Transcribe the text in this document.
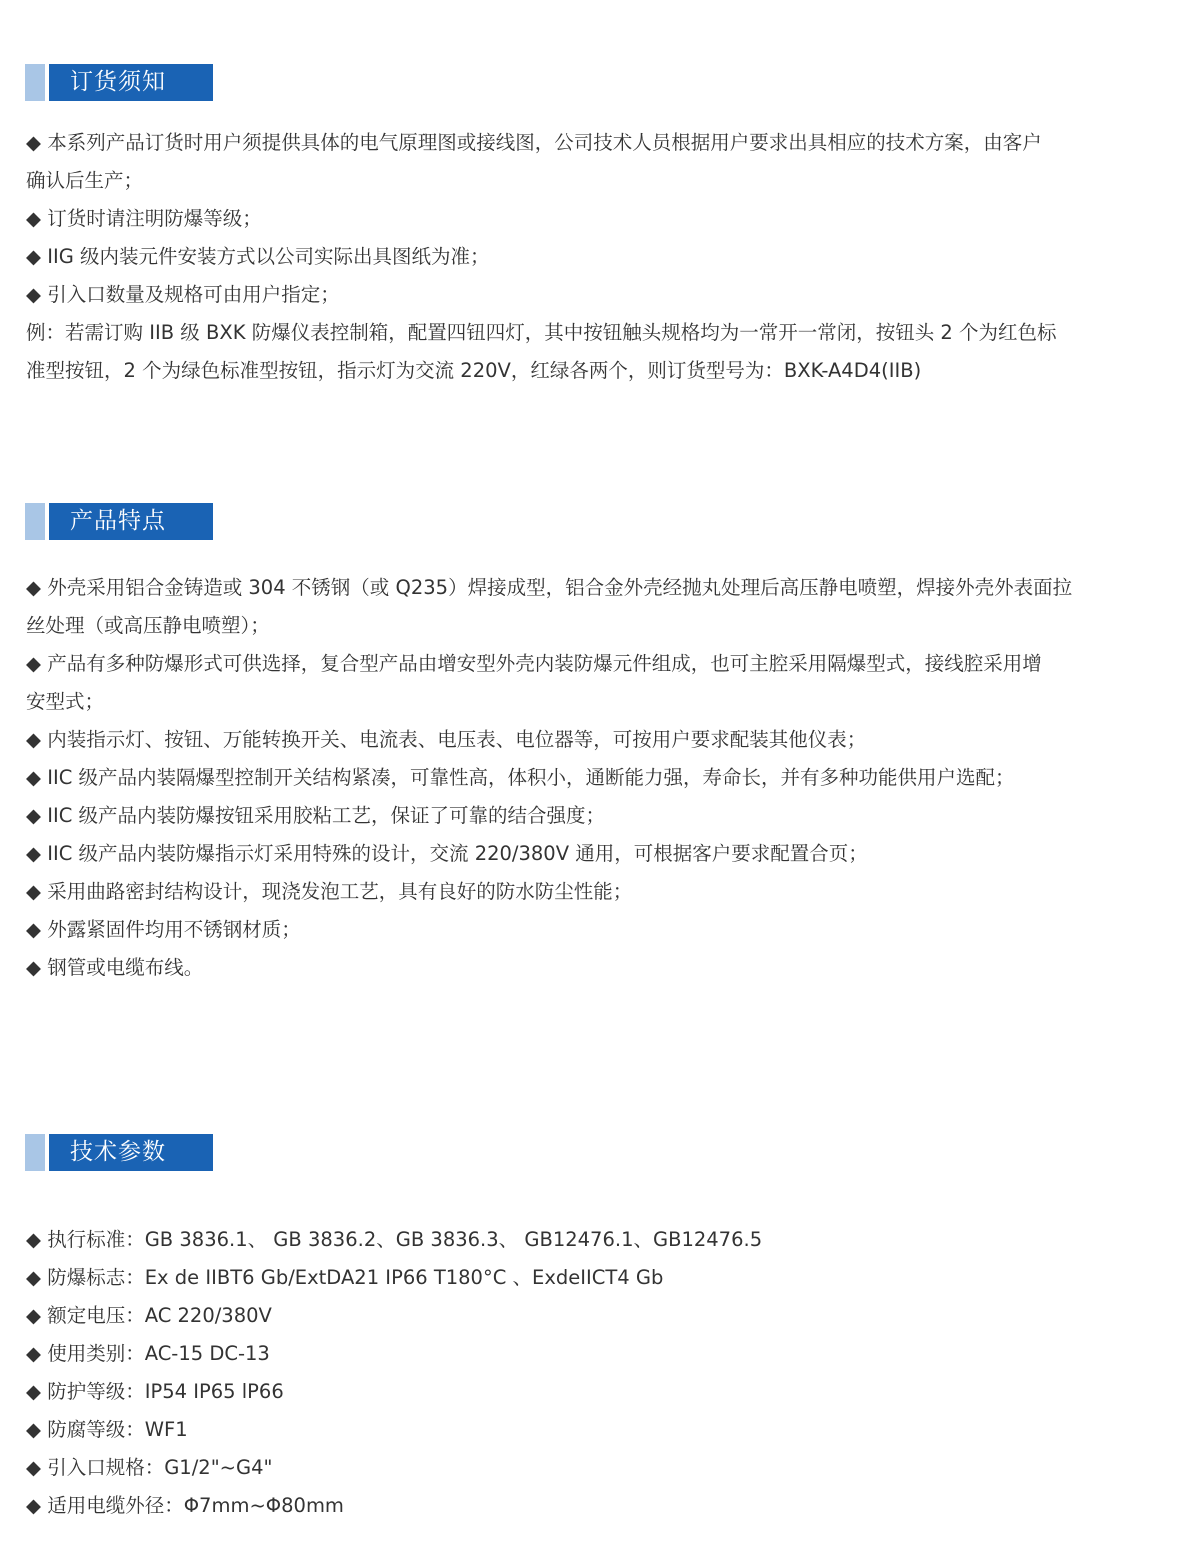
订货须知
◆ 本系列产品订货时用户须提供具体的电气原理图或接线图，公司技术人员根据用户要求出具相应的技术方案，由客户
确认后生产；
◆ 订货时请注明防爆等级；
◆ IIG 级内装元件安装方式以公司实际出具图纸为准；
◆ 引入口数量及规格可由用户指定；
例：若需订购 IIB 级 BXK 防爆仪表控制箱，配置四钮四灯，其中按钮触头规格均为一常开一常闭，按钮头 2 个为红色标
准型按钮，2 个为绿色标准型按钮，指示灯为交流 220V，红绿各两个，则订货型号为：BXK-A4D4(IIB)
产品特点
◆ 外壳采用铝合金铸造或 304 不锈钢（或 Q235）焊接成型，铝合金外壳经抛丸处理后高压静电喷塑，焊接外壳外表面拉
丝处理（或高压静电喷塑）；
◆ 产品有多种防爆形式可供选择，复合型产品由增安型外壳内装防爆元件组成，也可主腔采用隔爆型式，接线腔采用增
安型式；
◆ 内装指示灯、按钮、万能转换开关、电流表、电压表、电位器等，可按用户要求配装其他仪表；
◆ IIC 级产品内装隔爆型控制开关结构紧凑，可靠性高，体积小，通断能力强，寿命长，并有多种功能供用户选配；
◆ IIC 级产品内装防爆按钮采用胶粘工艺，保证了可靠的结合强度；
◆ IIC 级产品内装防爆指示灯采用特殊的设计，交流 220/380V 通用，可根据客户要求配置合页；
◆ 采用曲路密封结构设计，现浇发泡工艺，具有良好的防水防尘性能；
◆ 外露紧固件均用不锈钢材质；
◆ 钢管或电缆布线。
技术参数
◆ 执行标准：GB 3836.1、 GB 3836.2、GB 3836.3、 GB12476.1、GB12476.5
◆ 防爆标志：Ex de IIBT6 Gb/ExtDA21 IP66 T180°C 、ExdeIICT4 Gb
◆ 额定电压：AC 220/380V
◆ 使用类别：AC-15 DC-13
◆ 防护等级：IP54 IP65 lP66
◆ 防腐等级：WF1
◆ 引入口规格：G1/2"~G4"
◆ 适用电缆外径：Φ7mm~Φ80mm
